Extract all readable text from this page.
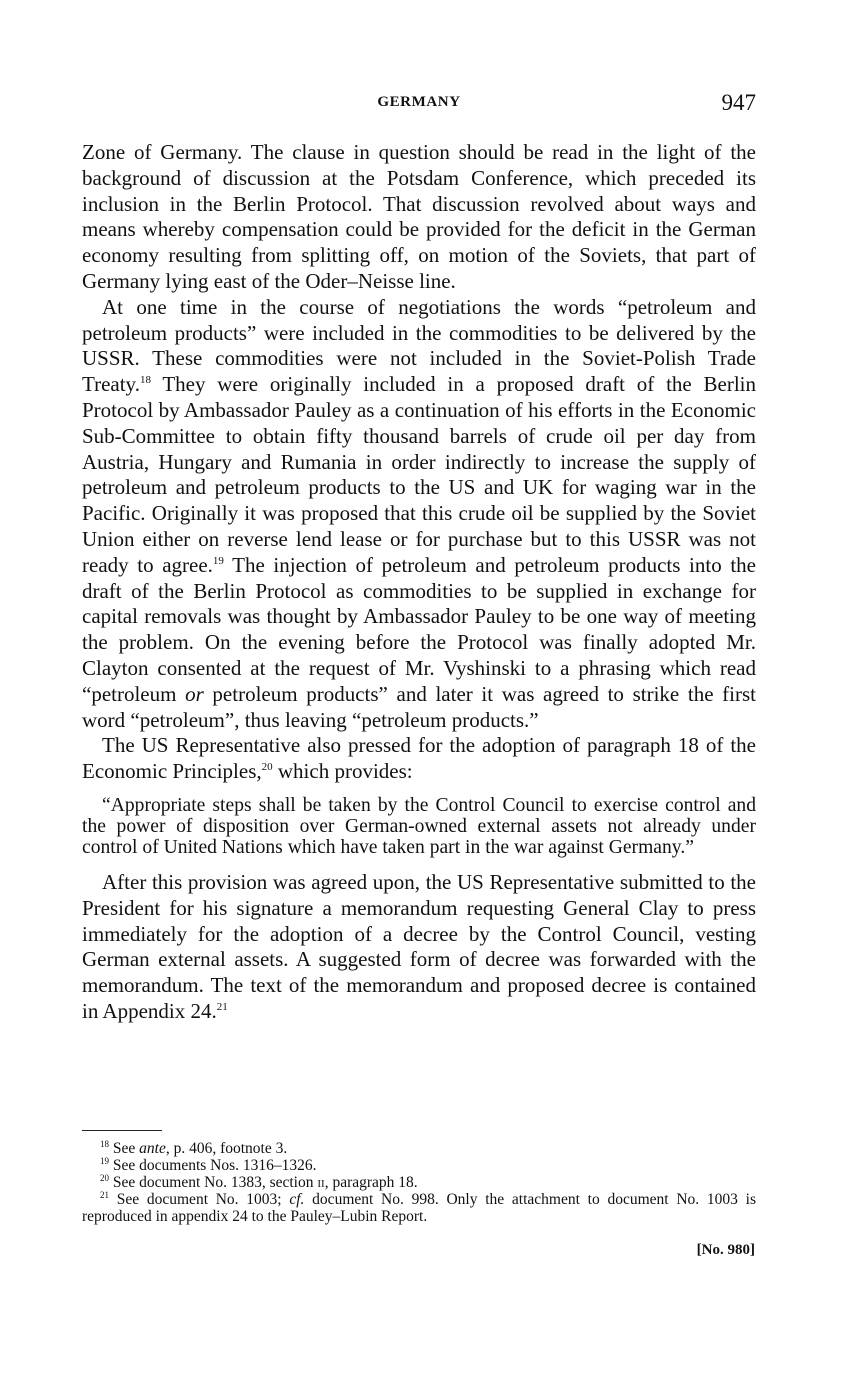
GERMANY	947

Zone of Germany. The clause in question should be read in the light of the background of discussion at the Potsdam Conference, which preceded its inclusion in the Berlin Protocol. That discussion revolved about ways and means whereby compensation could be provided for the deficit in the German economy resulting from splitting off, on motion of the Soviets, that part of Germany lying east of the Oder–Neisse line.

At one time in the course of negotiations the words “petroleum and petroleum products” were included in the commodities to be delivered by the USSR. These commodities were not included in the Soviet-Polish Trade Treaty.$^{18}$ They were originally included in a proposed draft of the Berlin Protocol by Ambassador Pauley as a continuation of his efforts in the Economic Sub-Committee to obtain fifty thousand barrels of crude oil per day from Austria, Hungary and Rumania in order indirectly to increase the supply of petroleum and petroleum products to the US and UK for waging war in the Pacific. Originally it was proposed that this crude oil be supplied by the Soviet Union either on reverse lend lease or for purchase but to this USSR was not ready to agree.$^{19}$ The injection of petroleum and petroleum products into the draft of the Berlin Protocol as commodities to be supplied in exchange for capital removals was thought by Ambassador Pauley to be one way of meeting the problem. On the evening before the Protocol was finally adopted Mr. Clayton consented at the request of Mr. Vyshinski to a phrasing which read “petroleum or petroleum products” and later it was agreed to strike the first word “petroleum”, thus leaving “petroleum products.”

The US Representative also pressed for the adoption of paragraph 18 of the Economic Principles,$^{20}$ which provides:

“Appropriate steps shall be taken by the Control Council to exercise control and the power of disposition over German-owned external assets not already under control of United Nations which have taken part in the war against Germany.”

After this provision was agreed upon, the US Representative submitted to the President for his signature a memorandum requesting General Clay to press immediately for the adoption of a decree by the Control Council, vesting German external assets. A suggested form of decree was forwarded with the memorandum. The text of the memorandum and proposed decree is contained in Appendix 24.21

$^{18}$ See ante, p. 406, footnote 3.

$^{19}$ See documents Nos. 1316–1326.

$^{20}$ See document No. 1383, section ii, paragraph 18.

$^{21}$ See document No. 1003; cf. document No. 998. Only the attachment to document No. 1003 is reproduced in appendix 24 to the Pauley–Lubin Report.

[No. 980]
